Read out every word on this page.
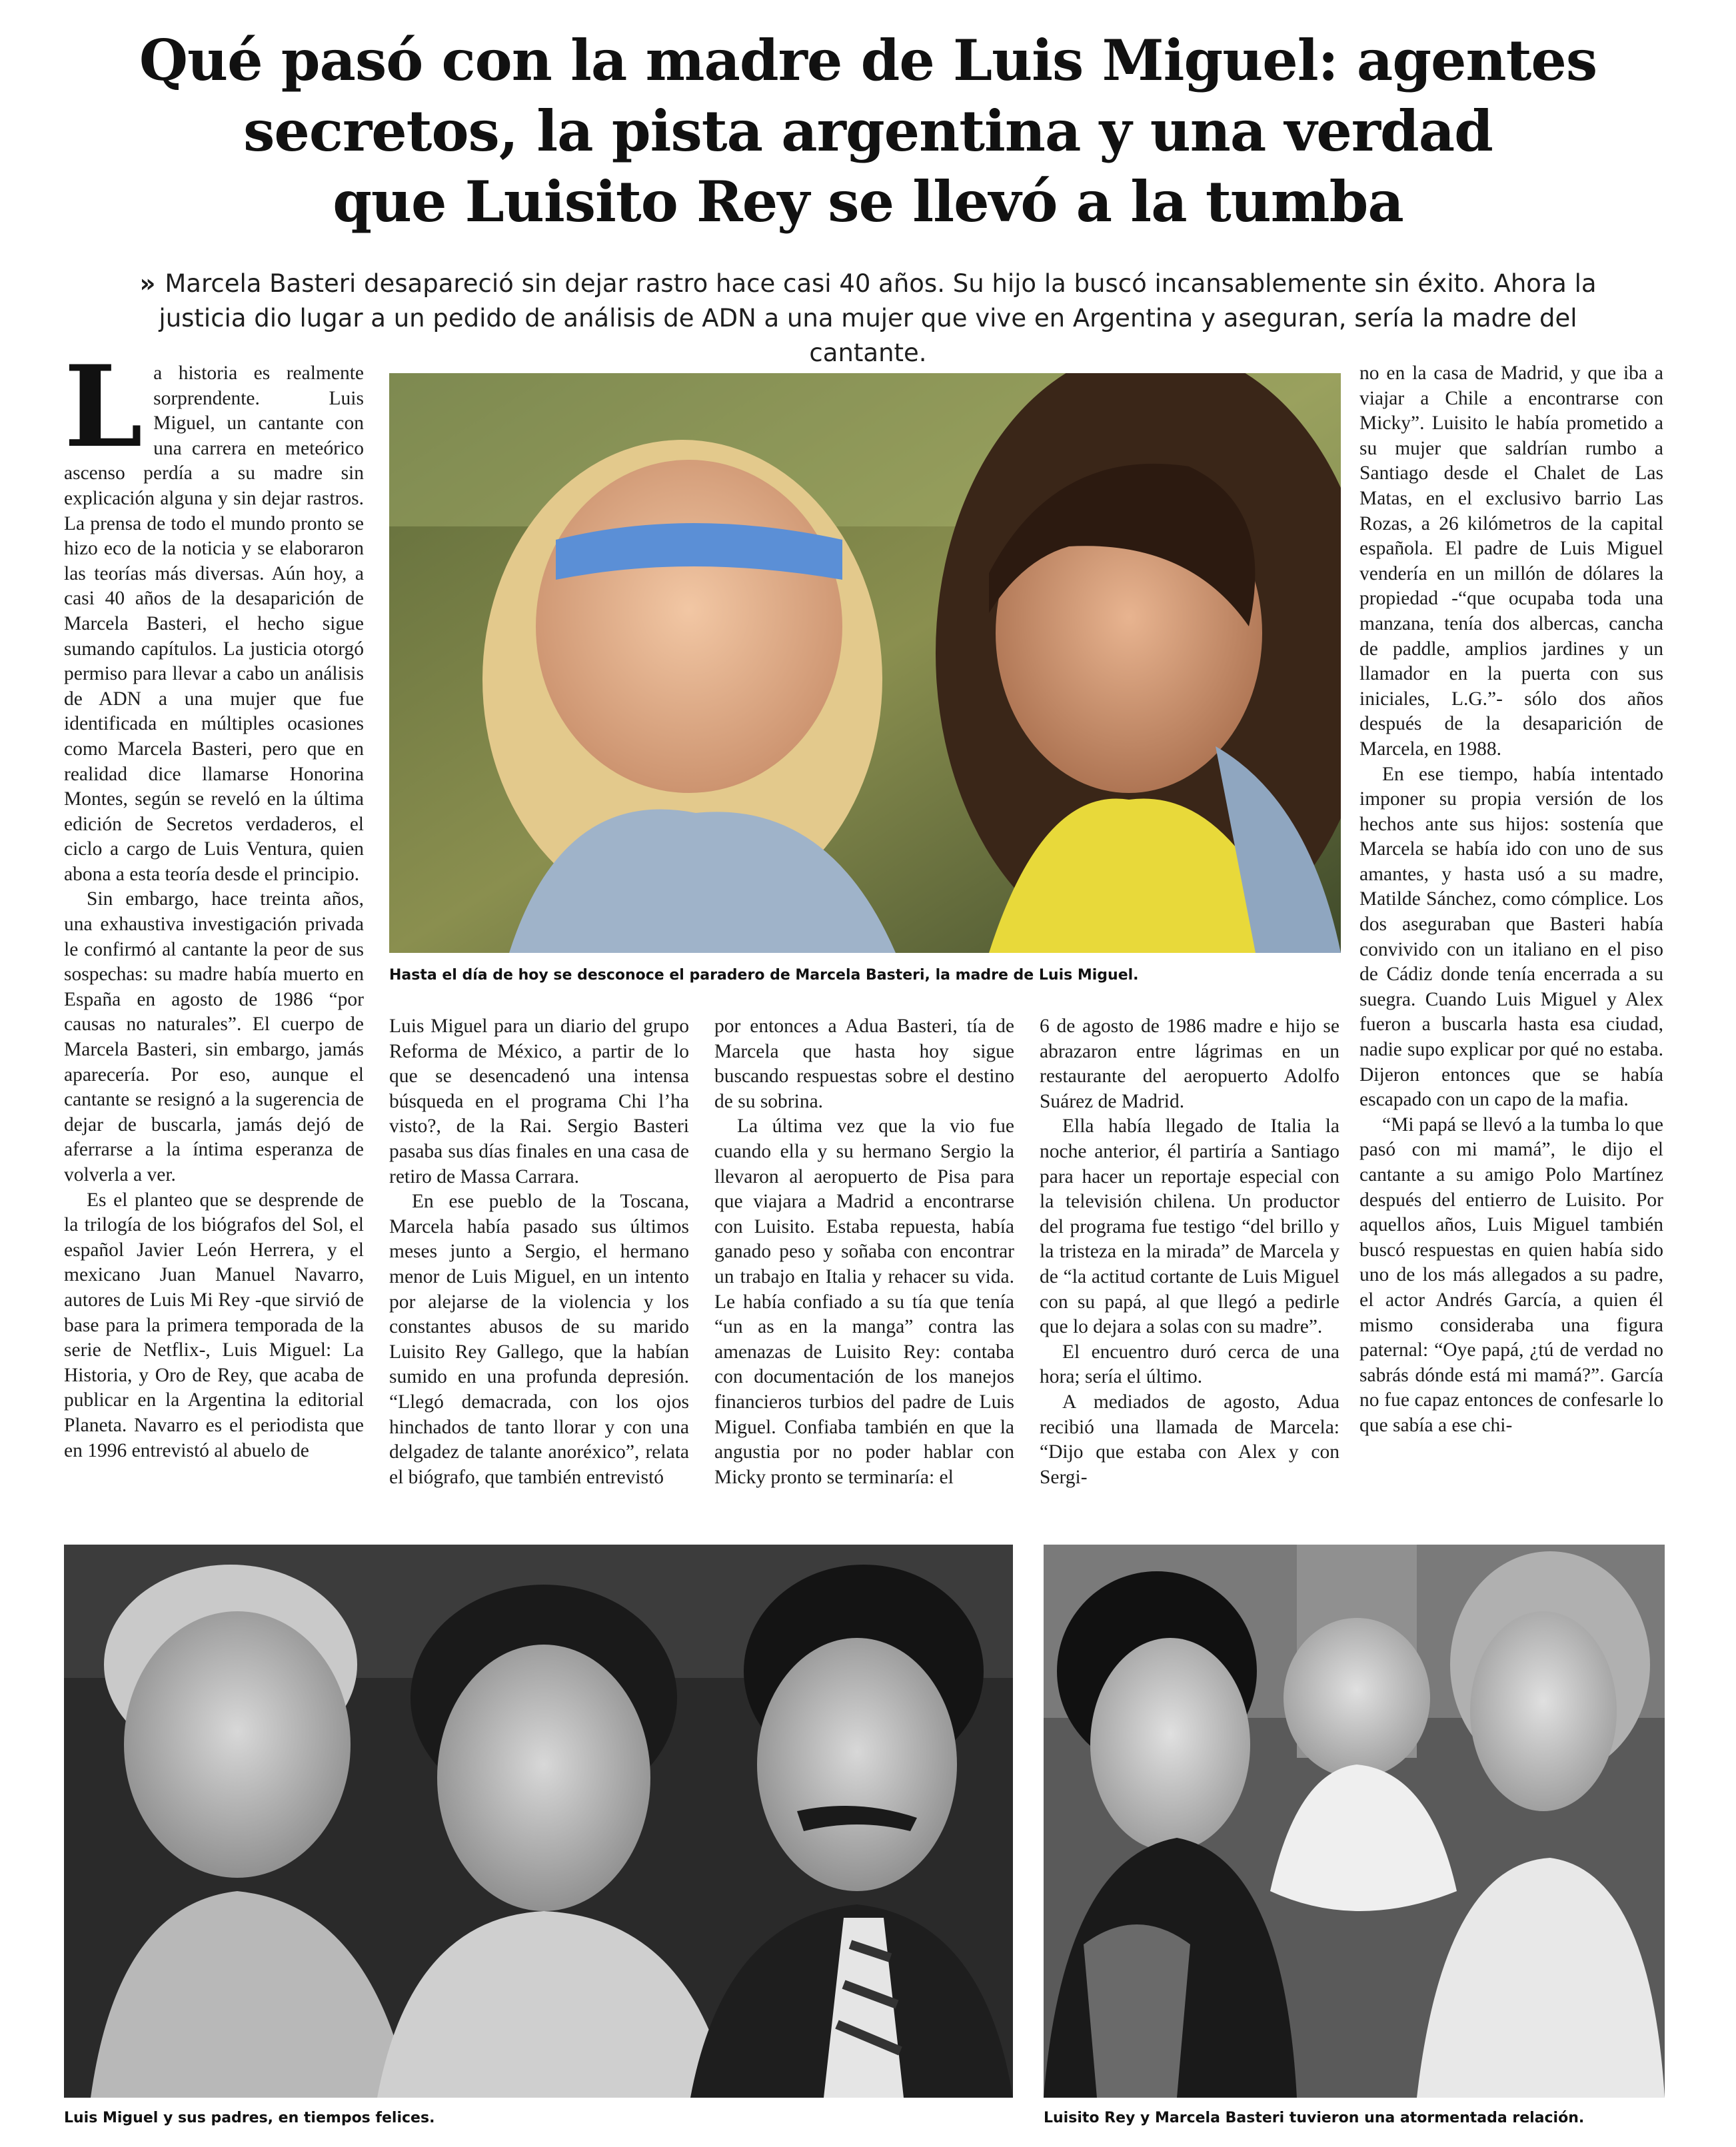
Qué pasó con la madre de Luis Miguel: agentes
secretos, la pista argentina y una verdad
que Luisito Rey se llevó a la tumba

» Marcela Basteri desapareció sin dejar rastro hace casi 40 años. Su hijo la buscó incansablemente sin éxito. Ahora la justicia dio lugar a un pedido de análisis de ADN a una mujer que vive en Argentina y aseguran, sería la madre del cantante.

La historia es realmente sorprendente. Luis Miguel, un cantante con una carrera en meteórico ascenso perdía a su madre sin explicación alguna y sin dejar rastros. La prensa de todo el mundo pronto se hizo eco de la noticia y se elaboraron las teorías más diversas. Aún hoy, a casi 40 años de la desaparición de Marcela Basteri, el hecho sigue sumando capítulos. La justicia otorgó permiso para llevar a cabo un análisis de ADN a una mujer que fue identificada en múltiples ocasiones como Marcela Basteri, pero que en realidad dice llamarse Honorina Montes, según se reveló en la última edición de Secretos verdaderos, el ciclo a cargo de Luis Ventura, quien abona a esta teoría desde el principio.

Sin embargo, hace treinta años, una exhaustiva investigación privada le confirmó al cantante la peor de sus sospechas: su madre había muerto en España en agosto de 1986 “por causas no naturales”. El cuerpo de Marcela Basteri, sin embargo, jamás aparecería. Por eso, aunque el cantante se resignó a la sugerencia de dejar de buscarla, jamás dejó de aferrarse a la íntima esperanza de volverla a ver.

Es el planteo que se desprende de la trilogía de los biógrafos del Sol, el español Javier León Herrera, y el mexicano Juan Manuel Navarro, autores de Luis Mi Rey -que sirvió de base para la primera temporada de la serie de Netflix-, Luis Miguel: La Historia, y Oro de Rey, que acaba de publicar en la Argentina la editorial Planeta. Navarro es el periodista que en 1996 entrevistó al abuelo de

Hasta el día de hoy se desconoce el paradero de Marcela Basteri, la madre de Luis Miguel.

Luis Miguel para un diario del grupo Reforma de México, a partir de lo que se desencadenó una intensa búsqueda en el programa Chi l’ha visto?, de la Rai. Sergio Basteri pasaba sus días finales en una casa de retiro de Massa Carrara.

En ese pueblo de la Toscana, Marcela había pasado sus últimos meses junto a Sergio, el hermano menor de Luis Miguel, en un intento por alejarse de la violencia y los constantes abusos de su marido Luisito Rey Gallego, que la habían sumido en una profunda depresión. “Llegó demacrada, con los ojos hinchados de tanto llorar y con una delgadez de talante anoréxico”, relata el biógrafo, que también entrevistó

por entonces a Adua Basteri, tía de Marcela que hasta hoy sigue buscando respuestas sobre el destino de su sobrina.

La última vez que la vio fue cuando ella y su hermano Sergio la llevaron al aeropuerto de Pisa para que viajara a Madrid a encontrarse con Luisito. Estaba repuesta, había ganado peso y soñaba con encontrar un trabajo en Italia y rehacer su vida. Le había confiado a su tía que tenía “un as en la manga” contra las amenazas de Luisito Rey: contaba con documentación de los manejos financieros turbios del padre de Luis Miguel. Confiaba también en que la angustia por no poder hablar con Micky pronto se terminaría: el

6 de agosto de 1986 madre e hijo se abrazaron entre lágrimas en un restaurante del aeropuerto Adolfo Suárez de Madrid.

Ella había llegado de Italia la noche anterior, él partiría a Santiago para hacer un reportaje especial con la televisión chilena. Un productor del programa fue testigo “del brillo y la tristeza en la mirada” de Marcela y de “la actitud cortante de Luis Miguel con su papá, al que llegó a pedirle que lo dejara a solas con su madre”.

El encuentro duró cerca de una hora; sería el último.

A mediados de agosto, Adua recibió una llamada de Marcela: “Dijo que estaba con Alex y con Sergi-

no en la casa de Madrid, y que iba a viajar a Chile a encontrarse con Micky”. Luisito le había prometido a su mujer que saldrían rumbo a Santiago desde el Chalet de Las Matas, en el exclusivo barrio Las Rozas, a 26 kilómetros de la capital española. El padre de Luis Miguel vendería en un millón de dólares la propiedad -“que ocupaba toda una manzana, tenía dos albercas, cancha de paddle, amplios jardines y un llamador en la puerta con sus iniciales, L.G.”- sólo dos años después de la desaparición de Marcela, en 1988.

En ese tiempo, había intentado imponer su propia versión de los hechos ante sus hijos: sostenía que Marcela se había ido con uno de sus amantes, y hasta usó a su madre, Matilde Sánchez, como cómplice. Los dos aseguraban que Basteri había convivido con un italiano en el piso de Cádiz donde tenía encerrada a su suegra. Cuando Luis Miguel y Alex fueron a buscarla hasta esa ciudad, nadie supo explicar por qué no estaba. Dijeron entonces que se había escapado con un capo de la mafia.

“Mi papá se llevó a la tumba lo que pasó con mi mamá”, le dijo el cantante a su amigo Polo Martínez después del entierro de Luisito. Por aquellos años, Luis Miguel también buscó respuestas en quien había sido uno de los más allegados a su padre, el actor Andrés García, a quien él mismo consideraba una figura paternal: “Oye papá, ¿tú de verdad no sabrás dónde está mi mamá?”. García no fue capaz entonces de confesarle lo que sabía a ese chi-

Luis Miguel y sus padres, en tiempos felices.	Luisito Rey y Marcela Basteri tuvieron una atormentada relación.
